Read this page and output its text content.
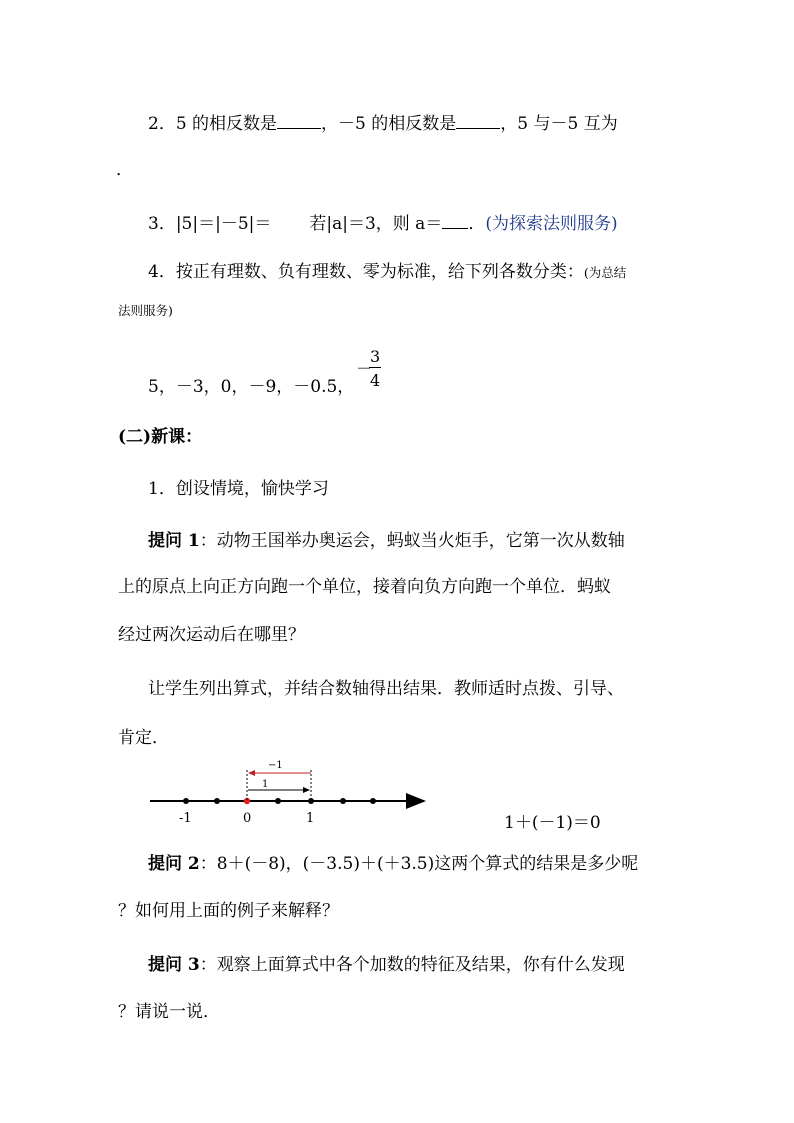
2．5 的相反数是	，－5 的相反数是	，5 与－5 互为
．
3．|5|＝|－5|＝ 若|a|＝3，则 a＝ ．(为探索法则服务)
4．按正有理数、负有理数、零为标准，给下列各数分类：(为总结
法则服务)
5，－3，0，－9，－0.5，
－
3
4
(二)新课：
1．创设情境，愉快学习
提问 1：动物王国举办奥运会，蚂蚁当火炬手，它第一次从数轴
上的原点上向正方向跑一个单位，接着向负方向跑一个单位．蚂蚁
经过两次运动后在哪里？
让学生列出算式，并结合数轴得出结果．教师适时点拨、引导、
肯定．
−1
1
-1	0	1	1＋(－1)＝0
提问 2：8＋(－8)，(－3.5)＋(＋3.5)这两个算式的结果是多少呢
？如何用上面的例子来解释？
提问 3：观察上面算式中各个加数的特征及结果，你有什么发现
？请说一说．
